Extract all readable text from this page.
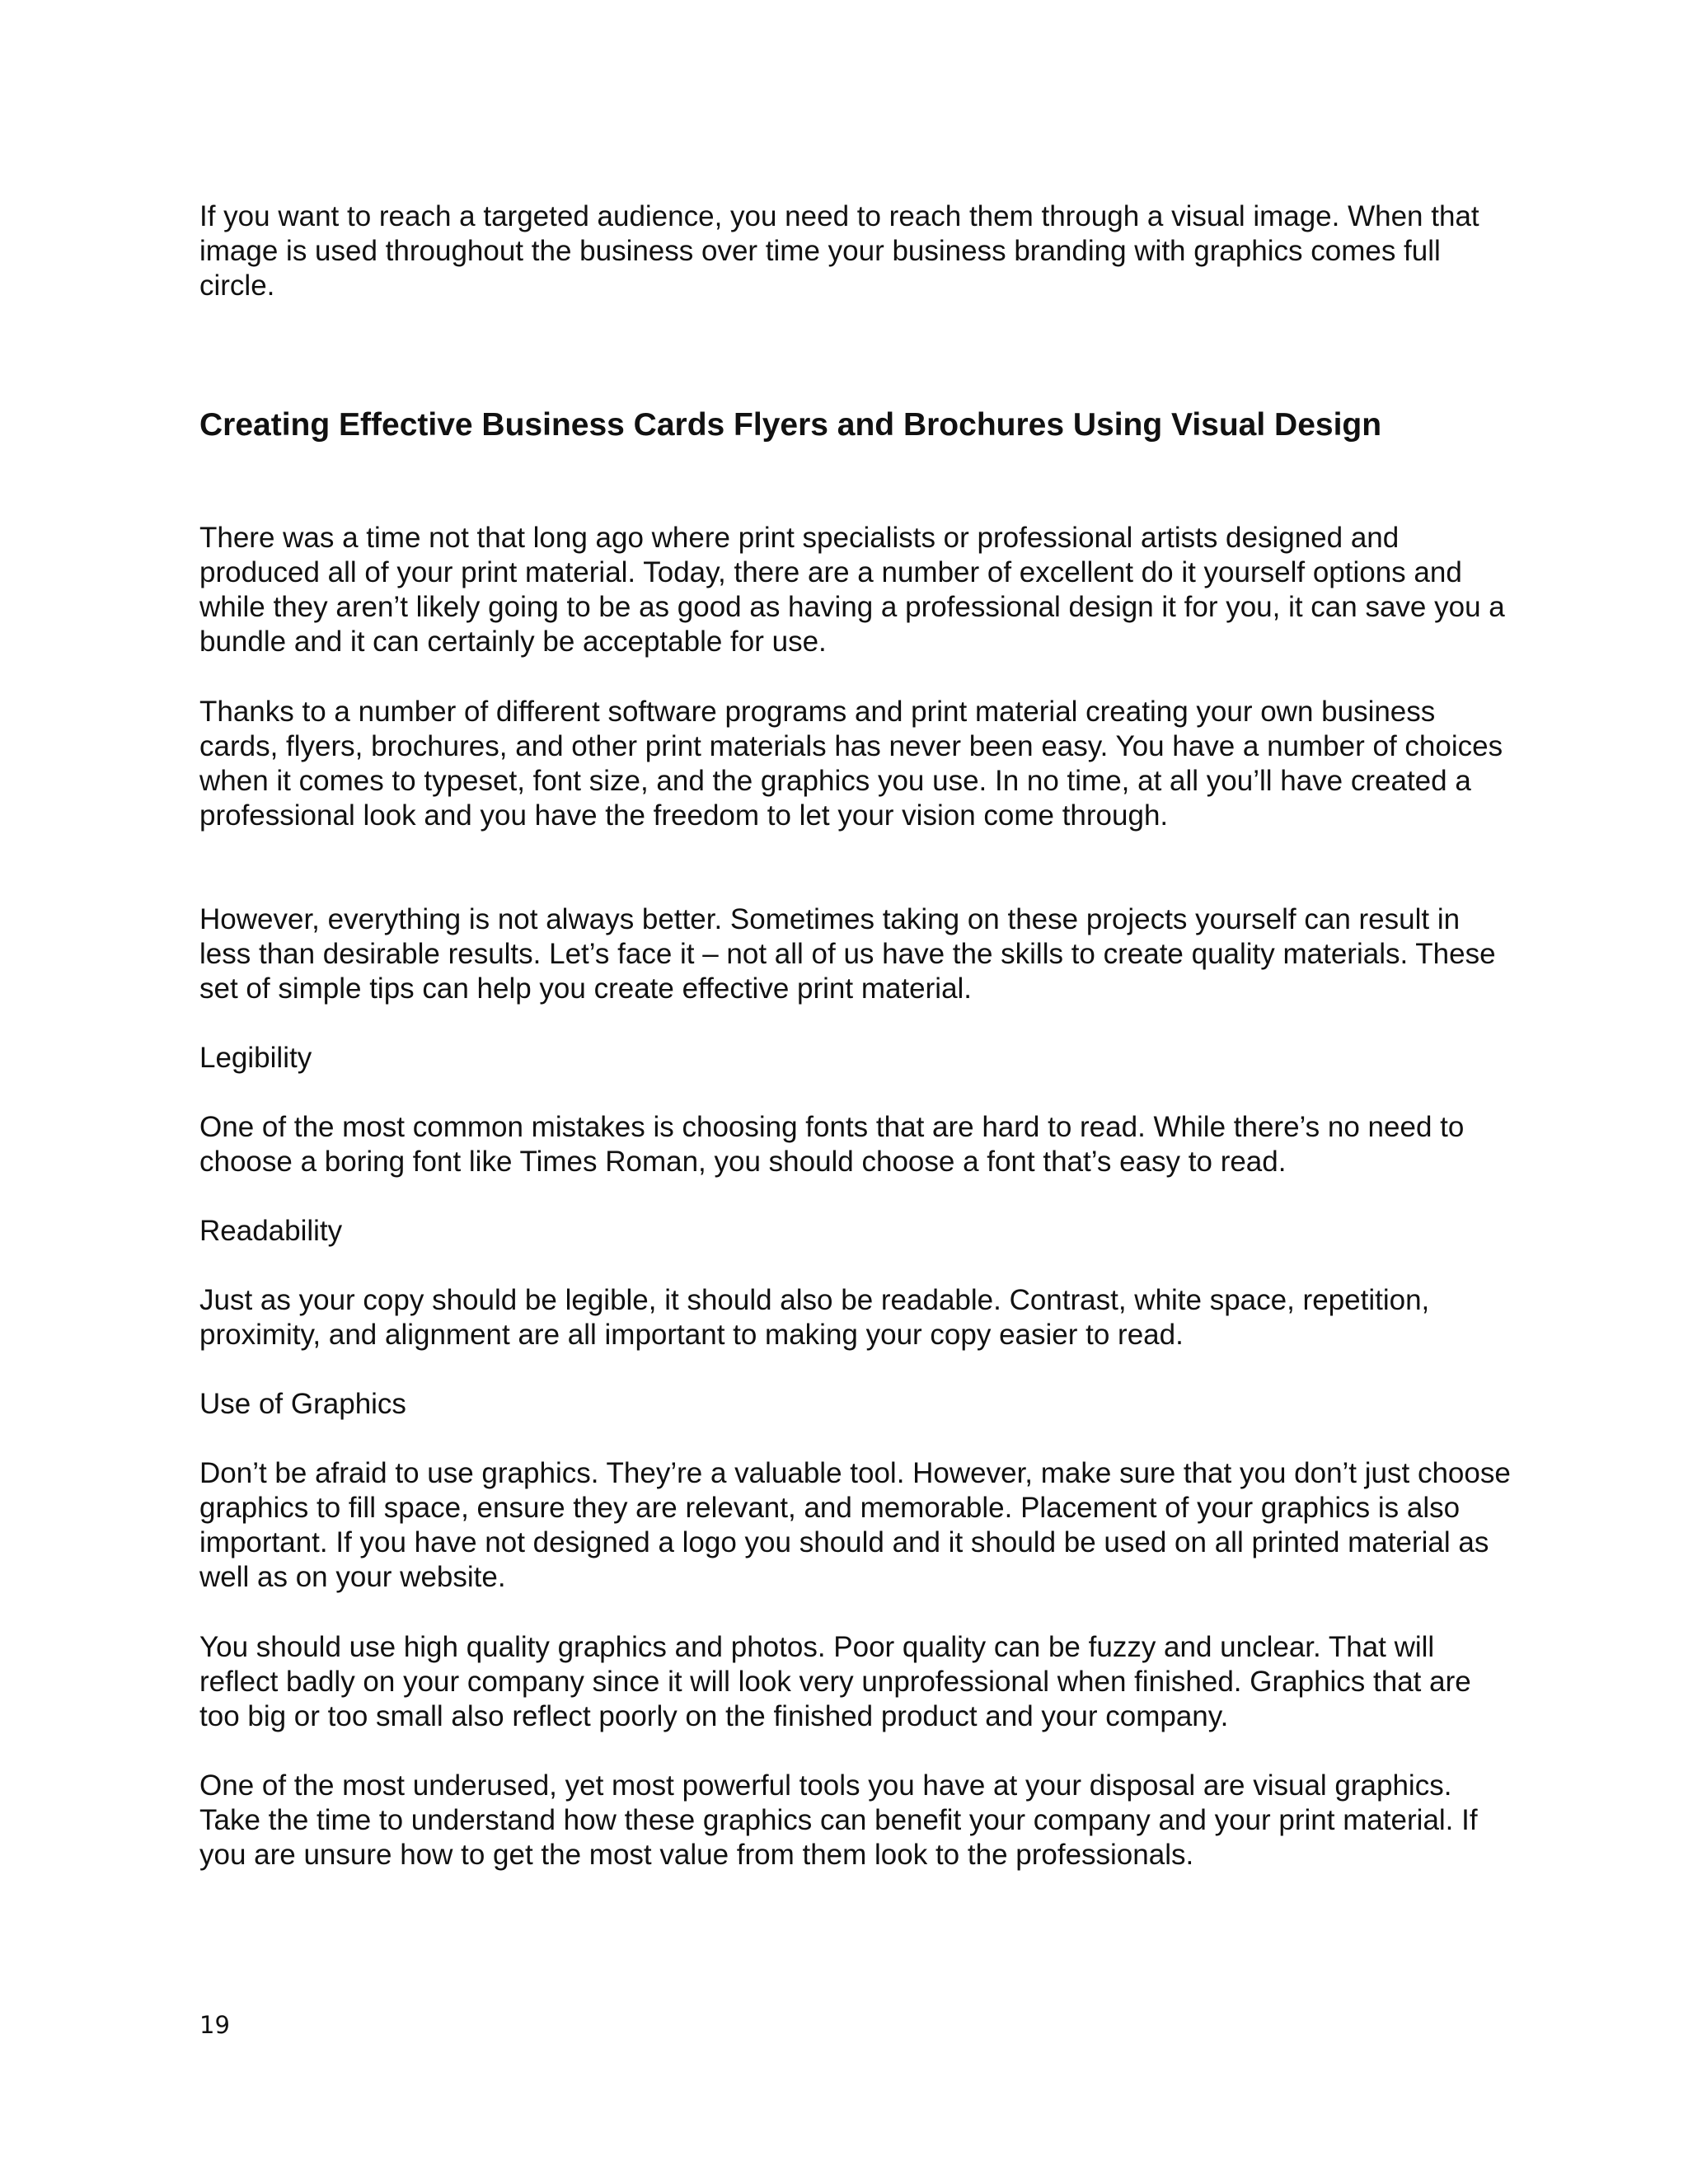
If you want to reach a targeted audience, you need to reach them through a visual image. When that image is used throughout the business over time your business branding with graphics comes full circle.

Creating Effective Business Cards Flyers and Brochures Using Visual Design

There was a time not that long ago where print specialists or professional artists designed and produced all of your print material. Today, there are a number of excellent do it yourself options and while they aren’t likely going to be as good as having a professional design it for you, it can save you a bundle and it can certainly be acceptable for use.

Thanks to a number of different software programs and print material creating your own business cards, flyers, brochures, and other print materials has never been easy. You have a number of choices when it comes to typeset, font size, and the graphics you use. In no time, at all you’ll have created a professional look and you have the freedom to let your vision come through.

However, everything is not always better. Sometimes taking on these projects yourself can result in less than desirable results. Let’s face it – not all of us have the skills to create quality materials. These set of simple tips can help you create effective print material.

Legibility

One of the most common mistakes is choosing fonts that are hard to read. While there’s no need to choose a boring font like Times Roman, you should choose a font that’s easy to read.

Readability

Just as your copy should be legible, it should also be readable. Contrast, white space, repetition, proximity, and alignment are all important to making your copy easier to read.

Use of Graphics

Don’t be afraid to use graphics. They’re a valuable tool. However, make sure that you don’t just choose graphics to fill space, ensure they are relevant, and memorable. Placement of your graphics is also important. If you have not designed a logo you should and it should be used on all printed material as well as on your website.

You should use high quality graphics and photos. Poor quality can be fuzzy and unclear. That will reflect badly on your company since it will look very unprofessional when finished. Graphics that are too big or too small also reflect poorly on the finished product and your company.

One of the most underused, yet most powerful tools you have at your disposal are visual graphics. Take the time to understand how these graphics can benefit your company and your print material. If you are unsure how to get the most value from them look to the professionals.

19
